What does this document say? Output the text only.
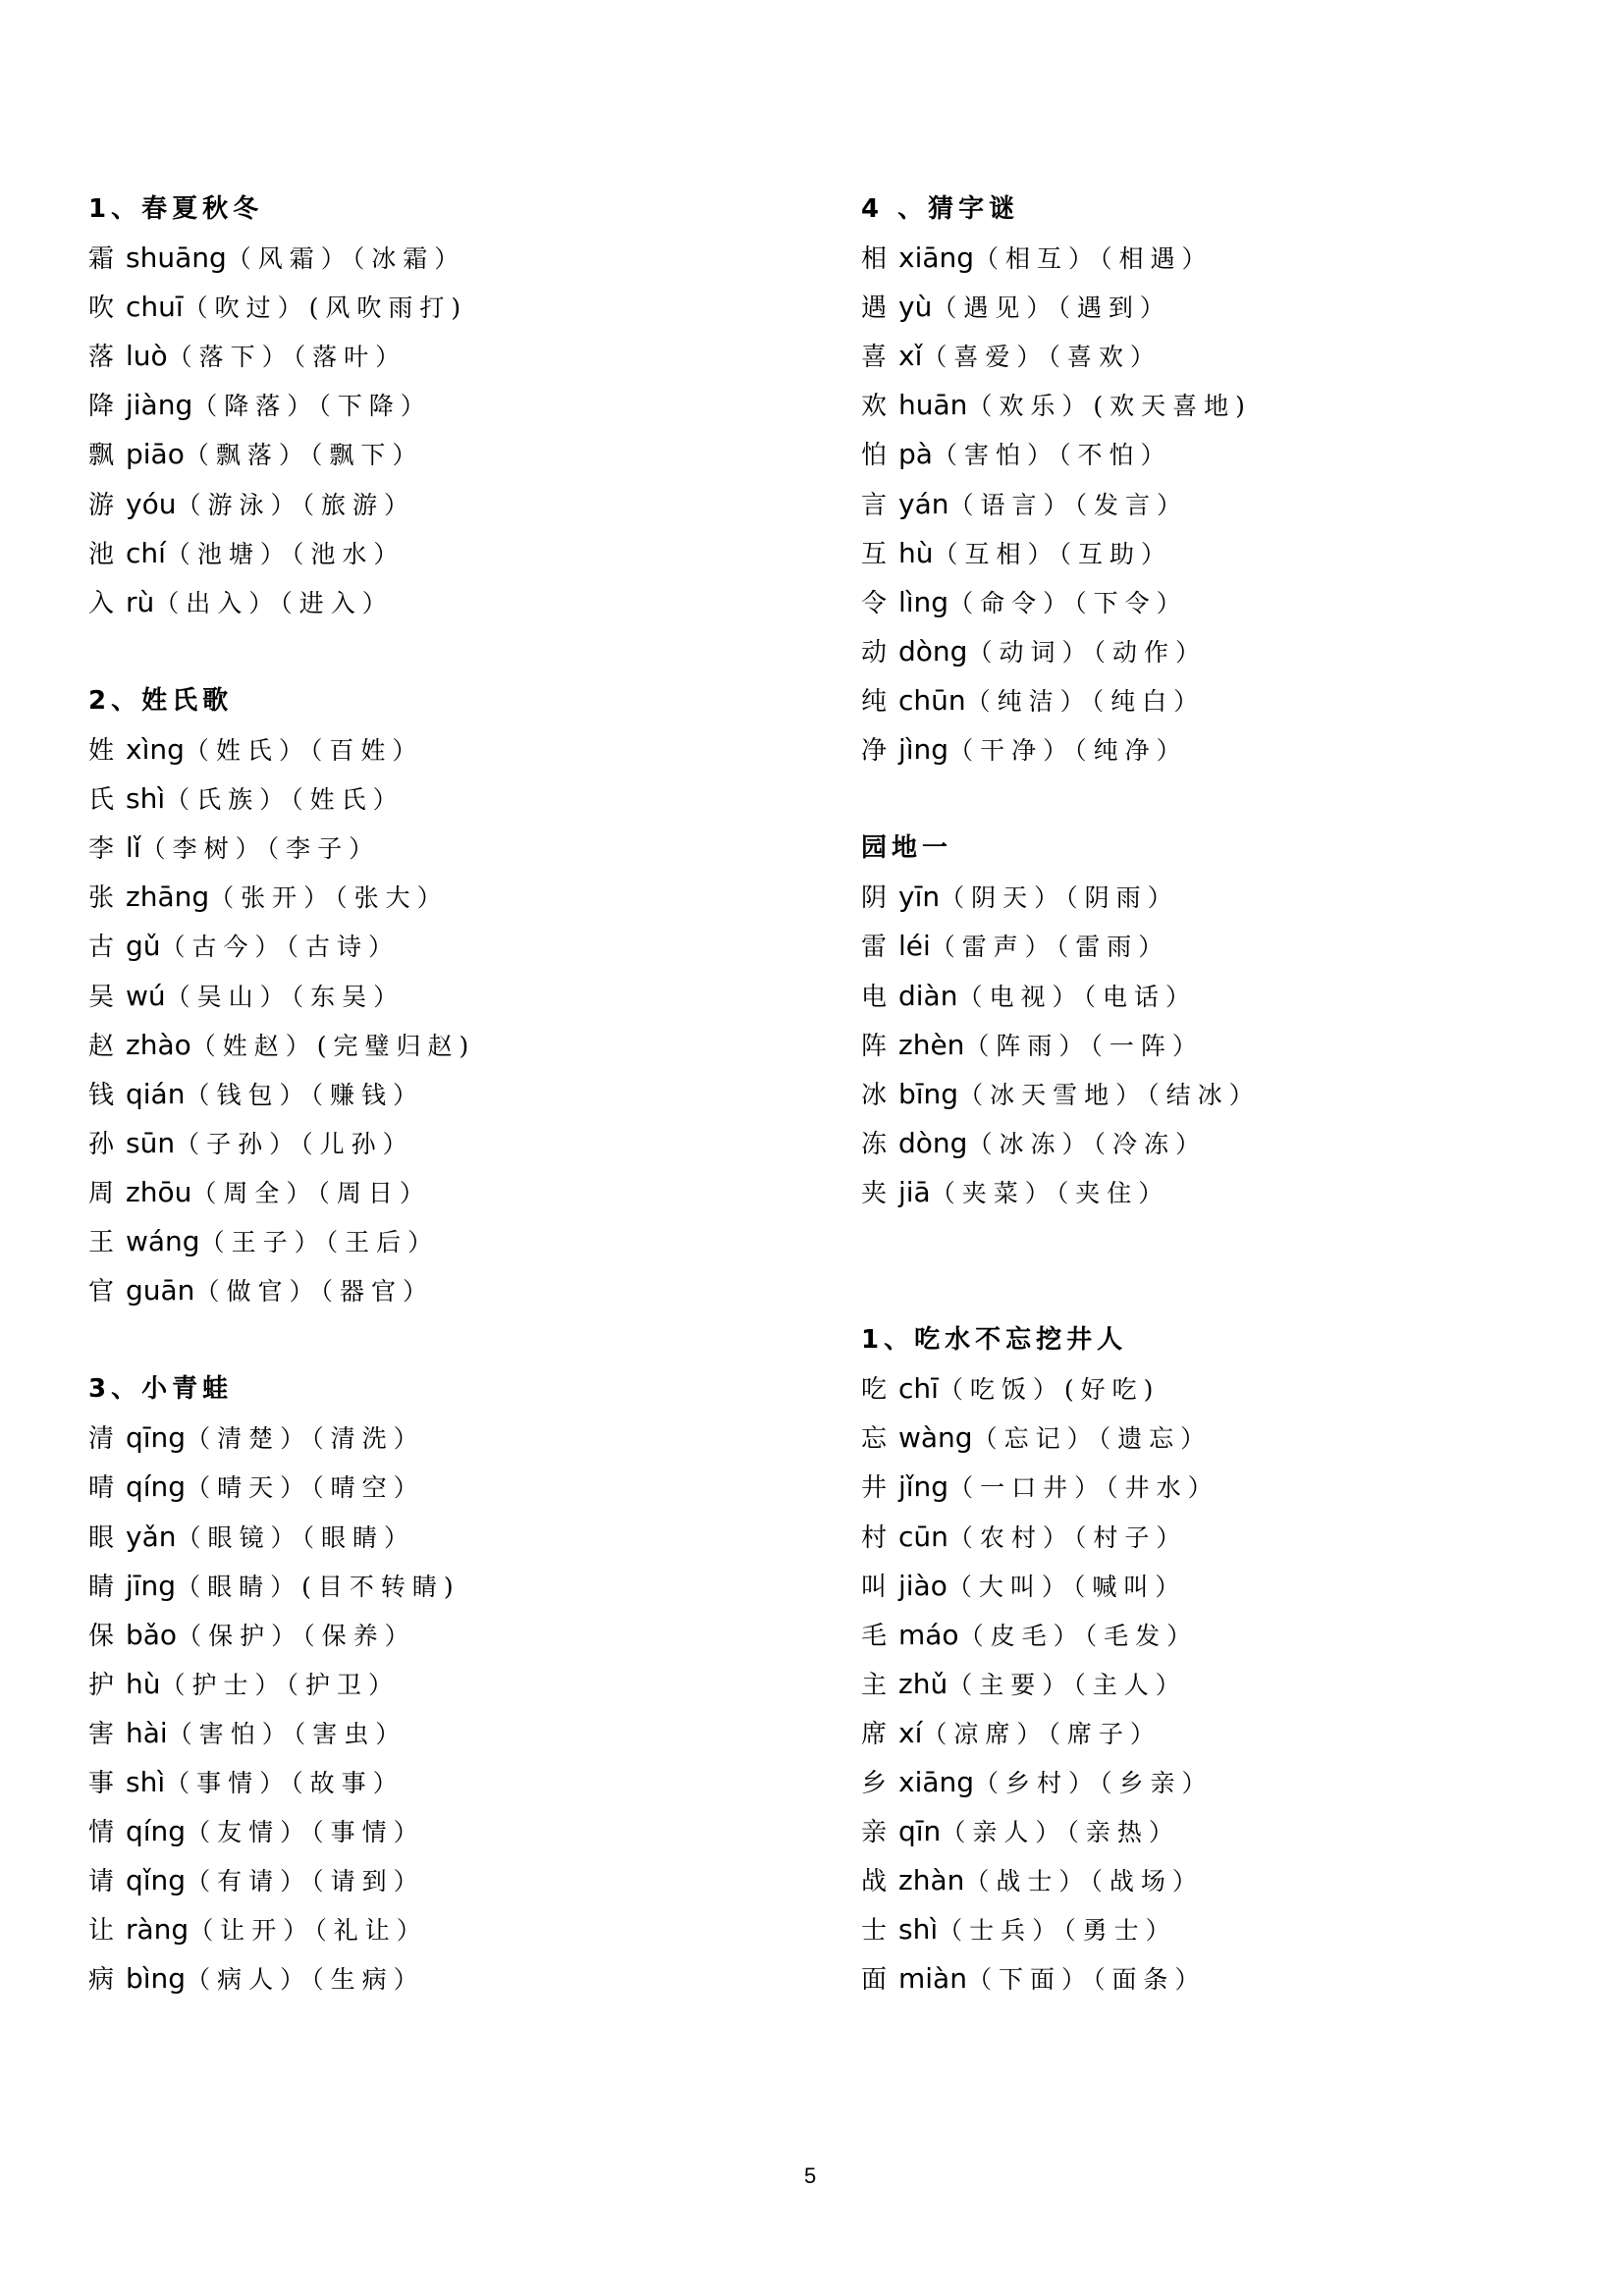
1、春夏秋冬
霜 shuāng（风霜）（冰霜）
吹 chuī（吹过）(风吹雨打)
落 luò（落下）（落叶）
降 jiàng（降落）（下降）
飘 piāo（飘落）（飘下）
游 yóu（游泳）（旅游）
池 chí（池塘）（池水）
入 rù（出入）（进入）
2、姓氏歌
姓 xìng（姓氏）（百姓）
氏 shì（氏族）（姓氏）
李 lǐ（李树）（李子）
张 zhāng（张开）（张大）
古 gǔ（古今）（古诗）
吴 wú（吴山）（东吴）
赵 zhào（姓赵）(完璧归赵)
钱 qián（钱包）（赚钱）
孙 sūn（子孙）（儿孙）
周 zhōu（周全）（周日）
王 wáng（王子）（王后）
官 guān（做官）（器官）
3、小青蛙
清 qīng（清楚）（清洗）
晴 qíng（晴天）（晴空）
眼 yǎn（眼镜）（眼睛）
睛 jīng（眼睛）(目不转睛)
保 bǎo（保护）（保养）
护 hù（护士）（护卫）
害 hài（害怕）（害虫）
事 shì（事情）（故事）
情 qíng（友情）（事情）
请 qǐng（有请）（请到）
让 ràng（让开）（礼让）
病 bìng（病人）（生病）
4 、猜字谜
相 xiāng（相互）（相遇）
遇 yù（遇见）（遇到）
喜 xǐ（喜爱）（喜欢）
欢 huān（欢乐）(欢天喜地)
怕 pà（害怕）（不怕）
言 yán（语言）（发言）
互 hù（互相）（互助）
令 lìng（命令）（下令）
动 dòng（动词）（动作）
纯 chūn（纯洁）（纯白）
净 jìng（干净）（纯净）
园地一
阴 yīn（阴天）（阴雨）
雷 léi（雷声）（雷雨）
电 diàn（电视）（电话）
阵 zhèn（阵雨）（一阵）
冰 bīng（冰天雪地）（结冰）
冻 dòng（冰冻）（冷冻）
夹 jiā（夹菜）（夹住）
1、吃水不忘挖井人
吃 chī（吃饭）(好吃)
忘 wàng（忘记）（遗忘）
井 jǐng（一口井）（井水）
村 cūn（农村）（村子）
叫 jiào（大叫）（喊叫）
毛 máo（皮毛）（毛发）
主 zhǔ（主要）（主人）
席 xí（凉席）（席子）
乡 xiāng（乡村）（乡亲）
亲 qīn（亲人）（亲热）
战 zhàn（战士）（战场）
士 shì（士兵）（勇士）
面 miàn（下面）（面条）
5
